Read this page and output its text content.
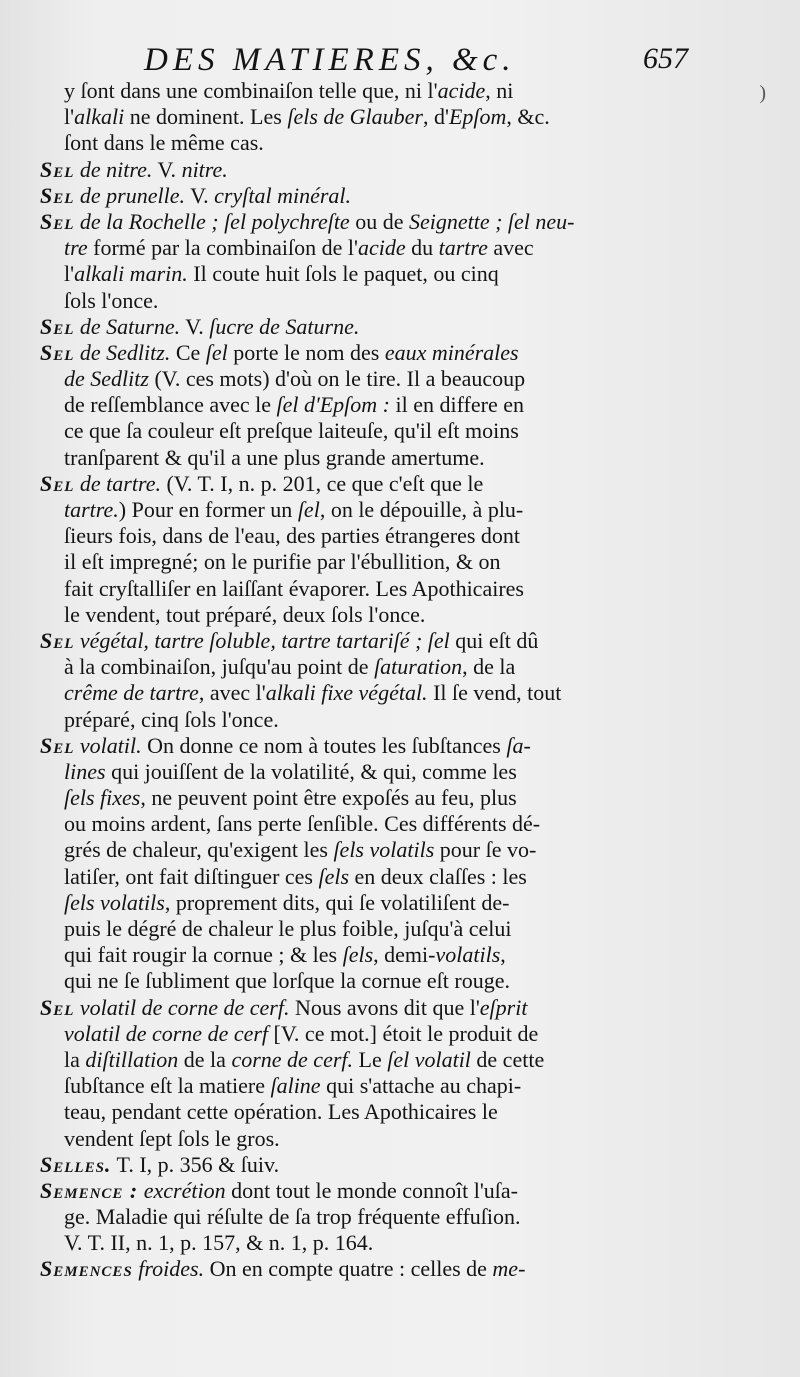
DES MATIERES, &c.	657
)
y ſont dans une combinaiſon telle que, ni l'acide, ni
l'alkali ne dominent. Les ſels de Glauber, d'Epſom, &c.
ſont dans le même cas.
Sel de nitre. V. nitre.
Sel de prunelle. V. cryſtal minéral.
Sel de la Rochelle ; ſel polychreſte ou de Seignette ; ſel neu-
tre formé par la combinaiſon de l'acide du tartre avec
l'alkali marin. Il coute huit ſols le paquet, ou cinq
ſols l'once.
Sel de Saturne. V. ſucre de Saturne.
Sel de Sedlitz. Ce ſel porte le nom des eaux minérales
de Sedlitz (V. ces mots) d'où on le tire. Il a beaucoup
de reſſemblance avec le ſel d'Epſom : il en differe en
ce que ſa couleur eſt preſque laiteuſe, qu'il eſt moins
tranſparent & qu'il a une plus grande amertume.
Sel de tartre. (V. T. I, n. p. 201, ce que c'eſt que le
tartre.) Pour en former un ſel, on le dépouille, à plu-
ſieurs fois, dans de l'eau, des parties étrangeres dont
il eſt impregné; on le purifie par l'ébullition, & on
fait cryſtalliſer en laiſſant évaporer. Les Apothicaires
le vendent, tout préparé, deux ſols l'once.
Sel végétal, tartre ſoluble, tartre tartariſé ; ſel qui eſt dû
à la combinaiſon, juſqu'au point de ſaturation, de la
crême de tartre, avec l'alkali fixe végétal. Il ſe vend, tout
préparé, cinq ſols l'once.
Sel volatil. On donne ce nom à toutes les ſubſtances ſa-
lines qui jouiſſent de la volatilité, & qui, comme les
ſels fixes, ne peuvent point être expoſés au feu, plus
ou moins ardent, ſans perte ſenſible. Ces différents dé-
grés de chaleur, qu'exigent les ſels volatils pour ſe vo-
latiſer, ont fait diſtinguer ces ſels en deux claſſes : les
ſels volatils, proprement dits, qui ſe volatiliſent de-
puis le dégré de chaleur le plus foible, juſqu'à celui
qui fait rougir la cornue ; & les ſels, demi-volatils,
qui ne ſe ſubliment que lorſque la cornue eſt rouge.
Sel volatil de corne de cerf. Nous avons dit que l'eſprit
volatil de corne de cerf [V. ce mot.] étoit le produit de
la diſtillation de la corne de cerf. Le ſel volatil de cette
ſubſtance eſt la matiere ſaline qui s'attache au chapi-
teau, pendant cette opération. Les Apothicaires le
vendent ſept ſols le gros.
Selles. T. I, p. 356 & ſuiv.
Semence : excrétion dont tout le monde connoît l'uſa-
ge. Maladie qui réſulte de ſa trop fréquente effuſion.
V. T. II, n. 1, p. 157, & n. 1, p. 164.
Semences froides. On en compte quatre : celles de me-
